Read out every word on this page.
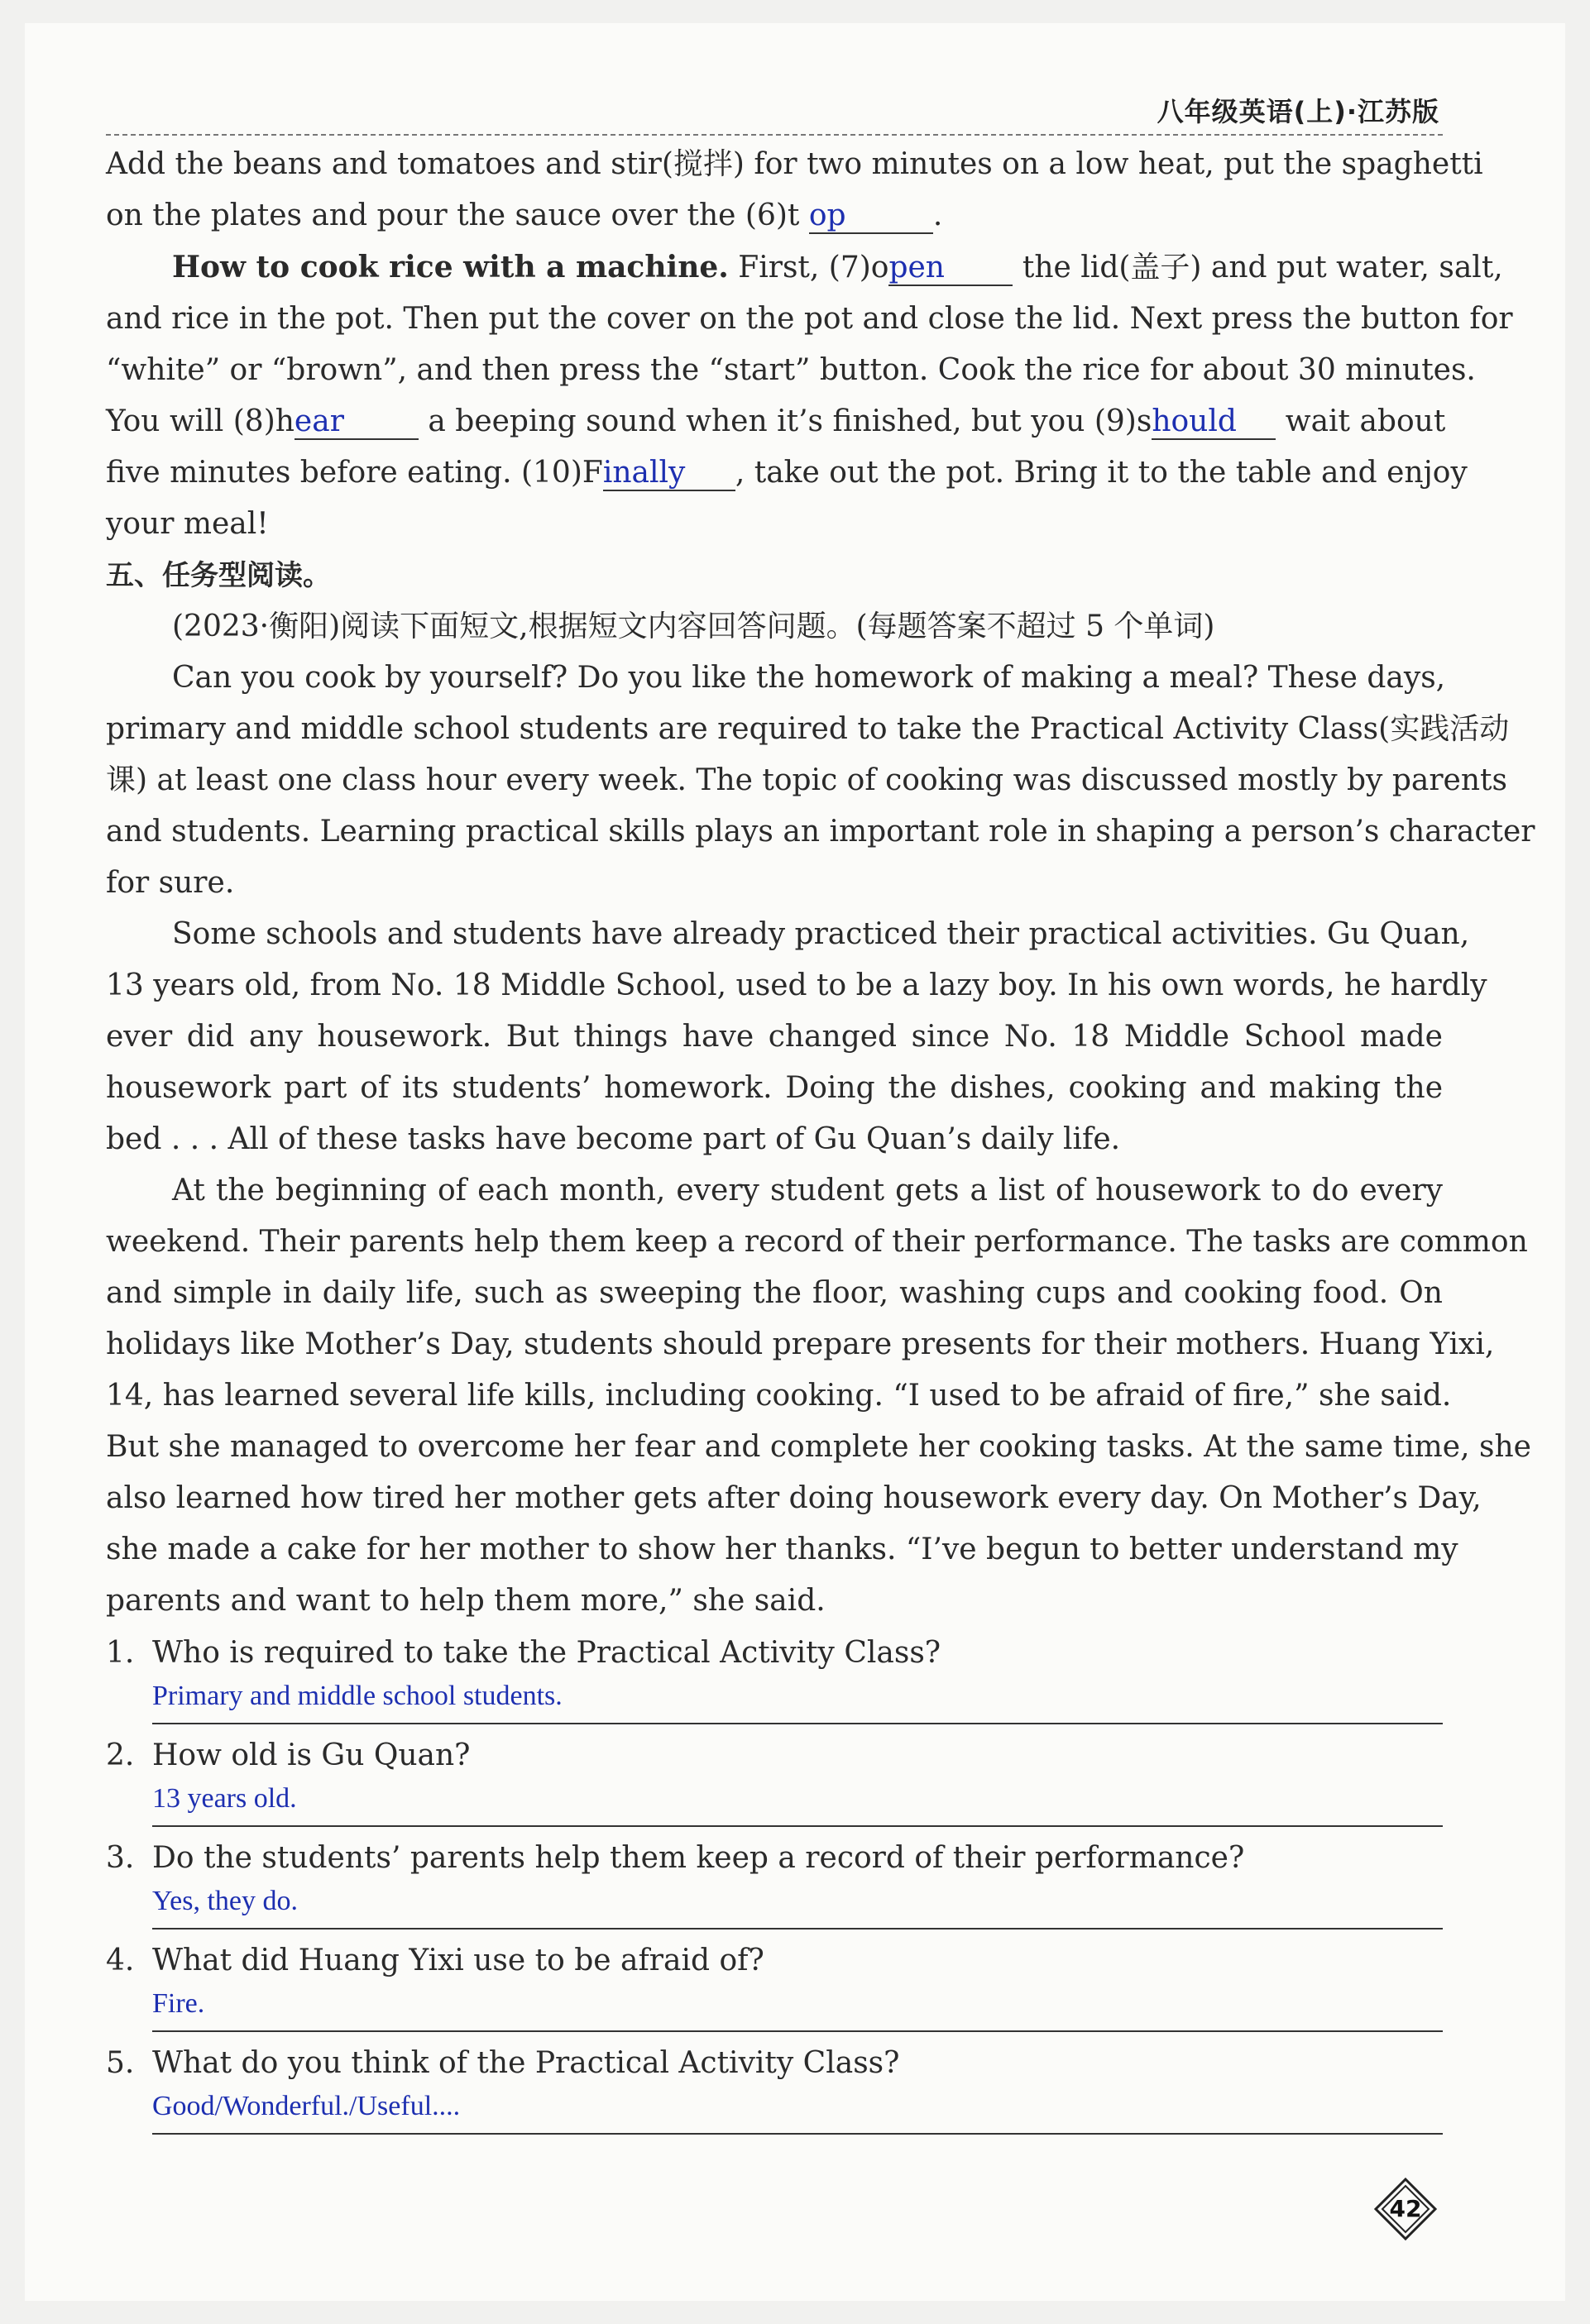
八年级英语(上)·江苏版
Add the beans and tomatoes and stir(搅拌) for two minutes on a low heat, put the spaghetti
on the plates and pour the sauce over the (6)t op	.
How to cook rice with a machine. First, (7)open the lid(盖子) and put water, salt,
and rice in the pot. Then put the cover on the pot and close the lid. Next press the button for
“white” or “brown”, and then press the “start” button. Cook the rice for about 30 minutes.
You will (8)hear	a beeping sound when it’s finished, but you (9)should wait about
five minutes before eating. (10)Finally , take out the pot. Bring it to the table and enjoy
your meal!
五、任务型阅读。
(2023·衡阳)阅读下面短文,根据短文内容回答问题。(每题答案不超过 5 个单词)
Can you cook by yourself? Do you like the homework of making a meal? These days,
primary and middle school students are required to take the Practical Activity Class(实践活动
课) at least one class hour every week. The topic of cooking was discussed mostly by parents
and students. Learning practical skills plays an important role in shaping a person’s character
for sure.
Some schools and students have already practiced their practical activities. Gu Quan,
13 years old, from No. 18 Middle School, used to be a lazy boy. In his own words, he hardly
ever did any housework. But things have changed since No. 18 Middle School made
housework part of its students’ homework. Doing the dishes, cooking and making the
bed . . . All of these tasks have become part of Gu Quan’s daily life.
At the beginning of each month, every student gets a list of housework to do every
weekend. Their parents help them keep a record of their performance. The tasks are common
and simple in daily life, such as sweeping the floor, washing cups and cooking food. On
holidays like Mother’s Day, students should prepare presents for their mothers. Huang Yixi,
14, has learned several life kills, including cooking. “I used to be afraid of fire,” she said.
But she managed to overcome her fear and complete her cooking tasks. At the same time, she
also learned how tired her mother gets after doing housework every day. On Mother’s Day,
she made a cake for her mother to show her thanks. “I’ve begun to better understand my
parents and want to help them more,” she said.
1. Who is required to take the Practical Activity Class?
Primary and middle school students.
2. How old is Gu Quan?
13 years old.
3. Do the students’ parents help them keep a record of their performance?
Yes, they do.
4. What did Huang Yixi use to be afraid of?
Fire.
5. What do you think of the Practical Activity Class?
Good/Wonderful./Useful....
42
